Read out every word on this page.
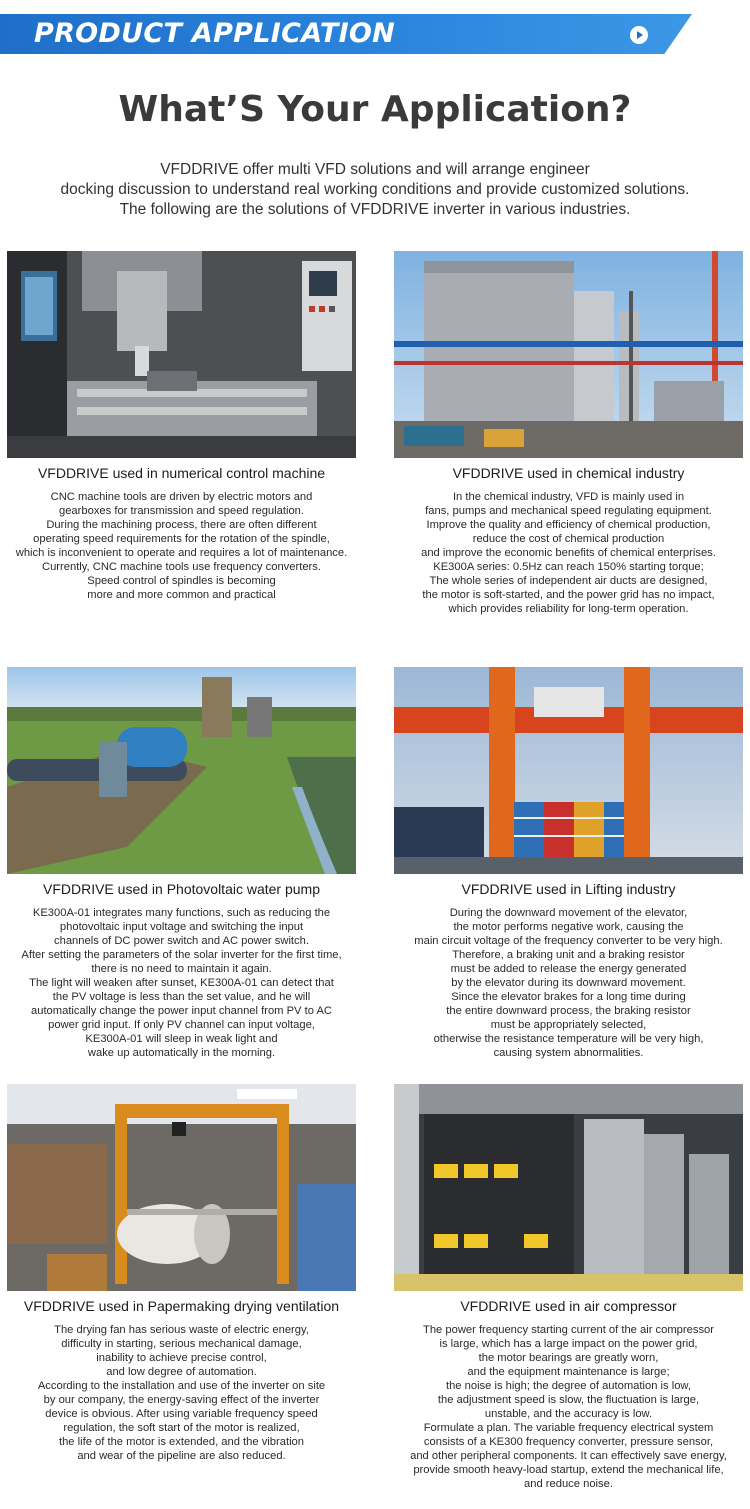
PRODUCT APPLICATION
What’S Your Application?
VFDDRIVE offer multi VFD solutions and will arrange engineer
docking discussion to understand real working conditions and provide customized solutions.
The following are the solutions of VFDDRIVE inverter in various industries.
VFDDRIVE used in numerical control machine
CNC machine tools are driven by electric motors and
gearboxes for transmission and speed regulation.
During the machining process, there are often different
operating speed requirements for the rotation of the spindle,
which is inconvenient to operate and requires a lot of maintenance.
Currently, CNC machine tools use frequency converters.
Speed control of spindles is becoming
more and more common and practical
VFDDRIVE used in chemical industry
In the chemical industry, VFD is mainly used in
fans, pumps and mechanical speed regulating equipment.
Improve the quality and efficiency of chemical production,
reduce the cost of chemical production
and improve the economic benefits of chemical enterprises.
KE300A series: 0.5Hz can reach 150% starting torque;
The whole series of independent air ducts are designed,
the motor is soft-started, and the power grid has no impact,
which provides reliability for long-term operation.
VFDDRIVE used in Photovoltaic water pump
KE300A-01 integrates many functions, such as reducing the
photovoltaic input voltage and switching the input
channels of DC power switch and AC power switch.
After setting the parameters of the solar inverter for the first time,
there is no need to maintain it again.
The light will weaken after sunset, KE300A-01 can detect that
the PV voltage is less than the set value, and he will
automatically change the power input channel from PV to AC
power grid input. If only PV channel can input voltage,
KE300A-01 will sleep in weak light and
wake up automatically in the morning.
VFDDRIVE used in Lifting industry
During the downward movement of the elevator,
the motor performs negative work, causing the
main circuit voltage of the frequency converter to be very high.
Therefore, a braking unit and a braking resistor
must be added to release the energy generated
by the elevator during its downward movement.
Since the elevator brakes for a long time during
the entire downward process, the braking resistor
must be appropriately selected,
otherwise the resistance temperature will be very high,
causing system abnormalities.
VFDDRIVE used in Papermaking drying ventilation
The drying fan has serious waste of electric energy,
difficulty in starting, serious mechanical damage,
inability to achieve precise control,
and low degree of automation.
According to the installation and use of the inverter on site
by our company, the energy-saving effect of the inverter
device is obvious. After using variable frequency speed
regulation, the soft start of the motor is realized,
the life of the motor is extended, and the vibration
and wear of the pipeline are also reduced.
VFDDRIVE used in air compressor
The power frequency starting current of the air compressor
is large, which has a large impact on the power grid,
the motor bearings are greatly worn,
and the equipment maintenance is large;
the noise is high; the degree of automation is low,
the adjustment speed is slow, the fluctuation is large,
unstable, and the accuracy is low.
Formulate a plan. The variable frequency electrical system
consists of a KE300 frequency converter, pressure sensor,
and other peripheral components. It can effectively save energy,
provide smooth heavy-load startup, extend the mechanical life,
and reduce noise.
